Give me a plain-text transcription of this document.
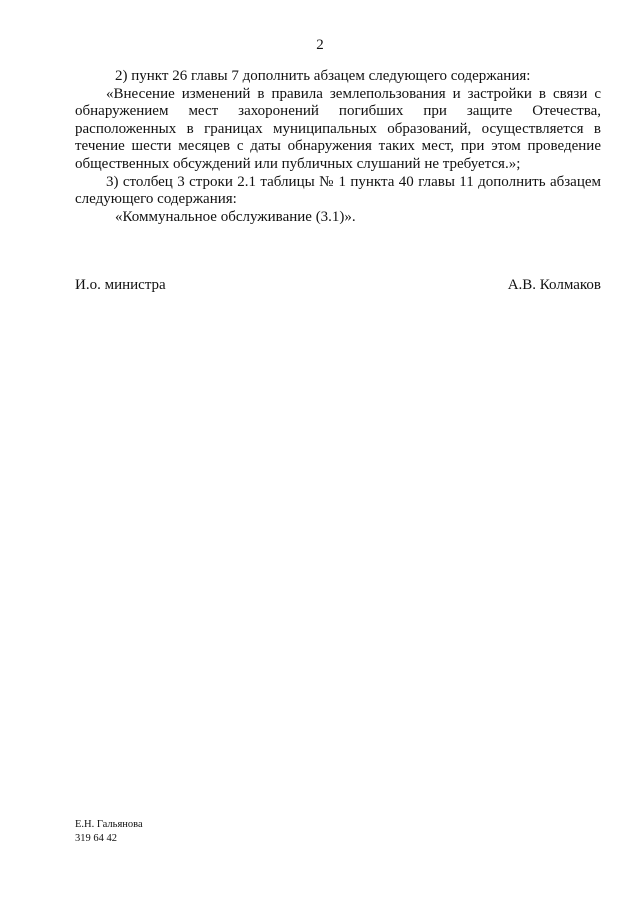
2

2) пункт 26 главы 7 дополнить абзацем следующего содержания:

«Внесение изменений в правила землепользования и застройки в связи с обнаружением мест захоронений погибших при защите Отечества, расположенных в границах муниципальных образований, осуществляется в течение шести месяцев с даты обнаружения таких мест, при этом проведение общественных обсуждений или публичных слушаний не требуется.»;

3) столбец 3 строки 2.1 таблицы № 1 пункта 40 главы 11 дополнить абзацем следующего содержания:

«Коммунальное обслуживание (3.1)».

И.о. министра	А.В. Колмаков
Е.Н. Гальянова
319 64 42
